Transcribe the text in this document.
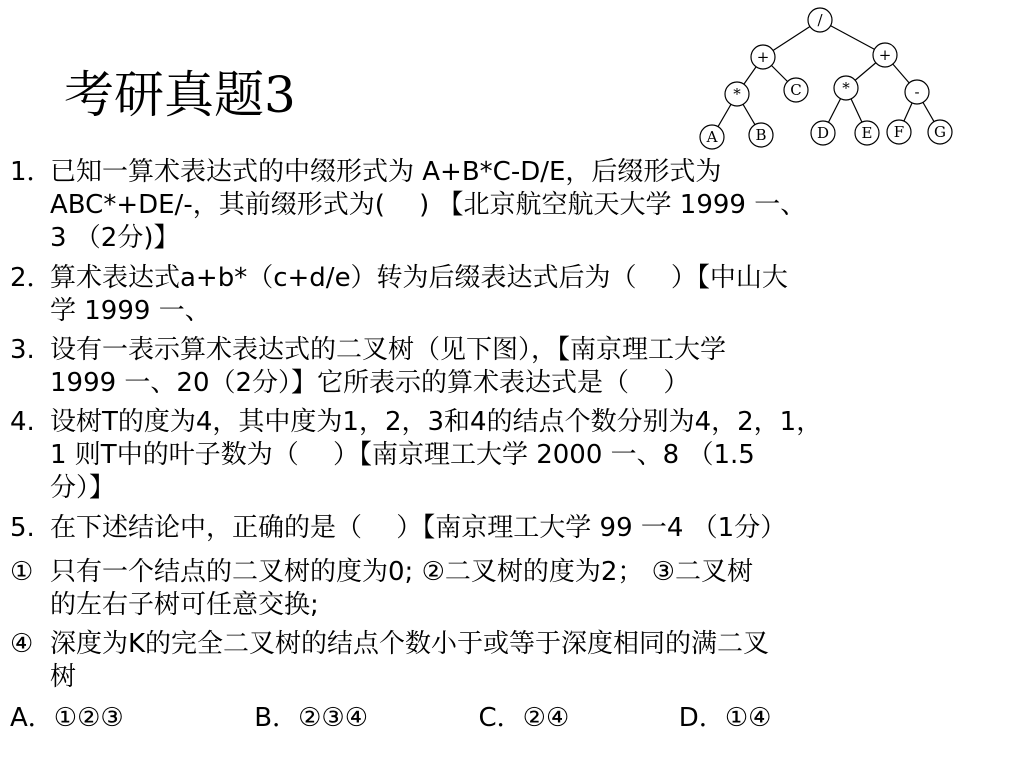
考研真题3
/
+	+
*	C	*	-
A	B	D E F G
1．
已知一算术表达式的中缀形式为 A+B*C-D/E，后缀形式为
ABC*+DE/-，其前缀形式为(　 ) 【北京航空航天大学 1999 一、
3 （2分)】
2．
算术表达式a+b*（c+d/e）转为后缀表达式后为（　 ）【中山大
学 1999 一、
3. 设有一表示算术表达式的二叉树（见下图），【南京理工大学
1999 一、20（2分）】它所表示的算术表达式是（　 ）
4. 设树T的度为4，其中度为1，2，3和4的结点个数分别为4，2，1，
1 则T中的叶子数为（　 ）【南京理工大学 2000 一、8 （1.5
分）】
5. 在下述结论中，正确的是（　 ）【南京理工大学 99 一4 （1分）
① 只有一个结点的二叉树的度为0; ②二叉树的度为2； ③二叉树
的左右子树可任意交换;
④ 深度为K的完全二叉树的结点个数小于或等于深度相同的满二叉
树
A．①②③	B．②③④	C．②④	D．①④
